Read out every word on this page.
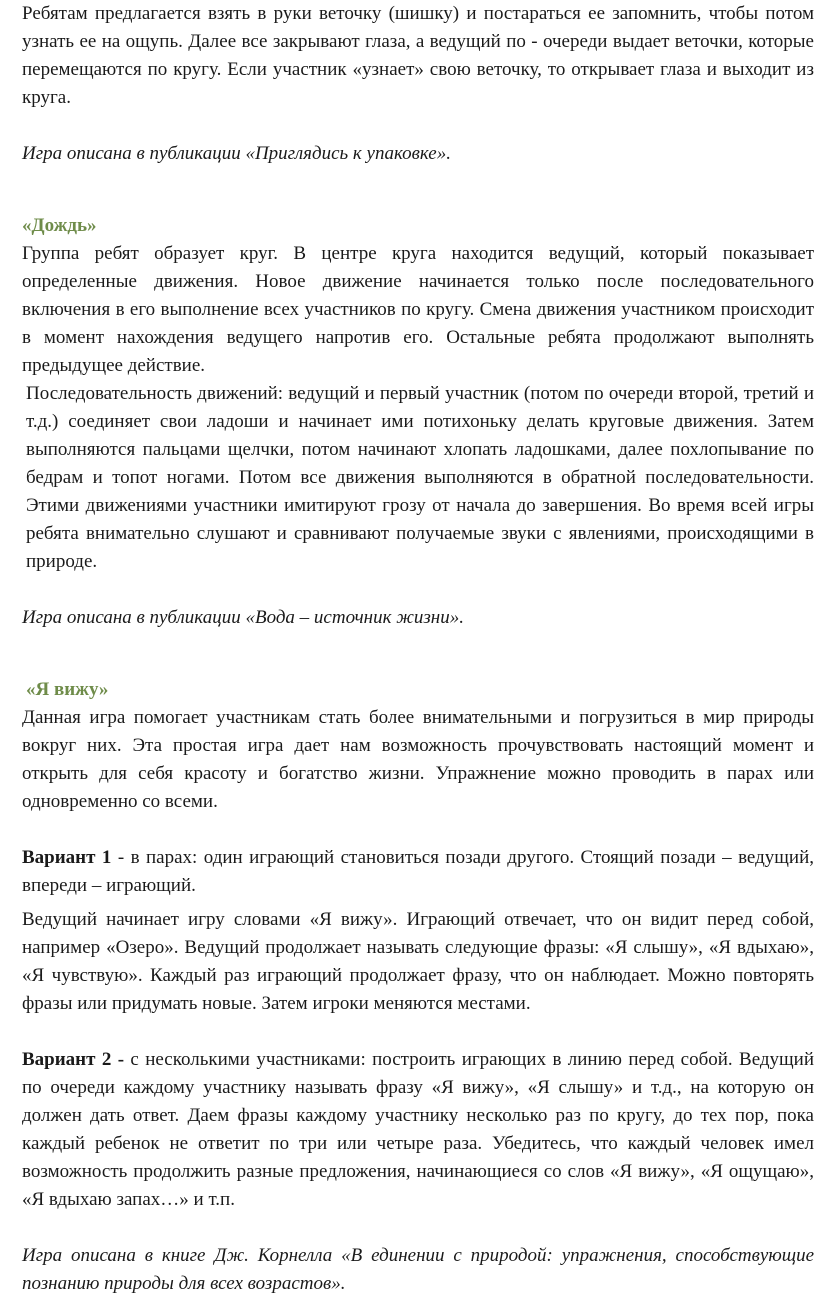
Ребятам предлагается взять в руки веточку (шишку) и постараться ее запомнить, чтобы потом узнать ее на ощупь. Далее все закрывают глаза, а ведущий по - очереди выдает веточки, которые перемещаются по кругу. Если участник «узнает» свою веточку, то открывает глаза и выходит из круга.

Игра описана в публикации «Приглядись к упаковке».

«Дождь»

Группа ребят образует круг. В центре круга находится ведущий, который показывает определенные движения. Новое движение начинается только после последовательного включения в его выполнение всех участников по кругу. Смена движения участником происходит в момент нахождения ведущего напротив его. Остальные ребята продолжают выполнять предыдущее действие.

Последовательность движений: ведущий и первый участник (потом по очереди второй, третий и т.д.) соединяет свои ладоши и начинает ими потихоньку делать круговые движения. Затем выполняются пальцами щелчки, потом начинают хлопать ладошками, далее похлопывание по бедрам и топот ногами. Потом все движения выполняются в обратной последовательности. Этими движениями участники имитируют грозу от начала до завершения. Во время всей игры ребята внимательно слушают и сравнивают получаемые звуки с явлениями, происходящими в природе.

Игра описана в публикации «Вода – источник жизни».

«Я вижу»

Данная игра помогает участникам стать более внимательными и погрузиться в мир природы вокруг них. Эта простая игра дает нам возможность прочувствовать настоящий момент и открыть для себя красоту и богатство жизни. Упражнение можно проводить в парах или одновременно со всеми.

Вариант 1 - в парах: один играющий становиться позади другого. Стоящий позади – ведущий, впереди – играющий.

Ведущий начинает игру словами «Я вижу». Играющий отвечает, что он видит перед собой, например «Озеро». Ведущий продолжает называть следующие фразы: «Я слышу», «Я вдыхаю», «Я чувствую». Каждый раз играющий продолжает фразу, что он наблюдает. Можно повторять фразы или придумать новые. Затем игроки меняются местами.

Вариант 2 - с несколькими участниками: построить играющих в линию перед собой. Ведущий по очереди каждому участнику называть фразу «Я вижу», «Я слышу» и т.д., на которую он должен дать ответ. Даем фразы каждому участнику несколько раз по кругу, до тех пор, пока каждый ребенок не ответит по три или четыре раза. Убедитесь, что каждый человек имел возможность продолжить разные предложения, начинающиеся со слов «Я вижу», «Я ощущаю», «Я вдыхаю запах…» и т.п.

Игра описана в книге Дж. Корнелла «В единении с природой: упражнения, способствующие познанию природы для всех возрастов».
